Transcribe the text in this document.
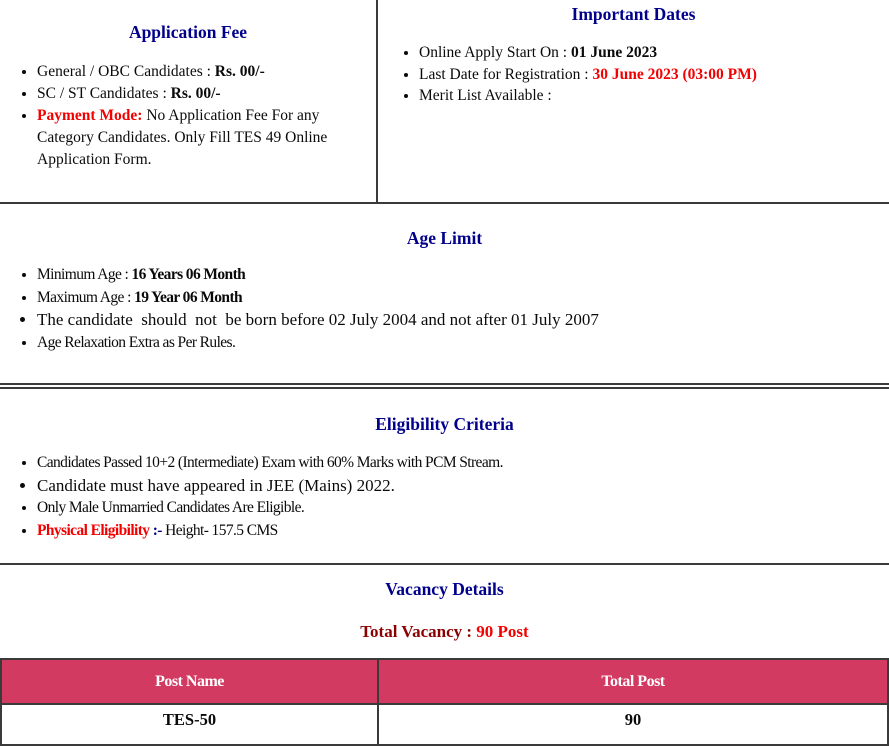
Application Fee
• General / OBC Candidates : Rs. 00/-
• SC / ST Candidates : Rs. 00/-
• Payment Mode: No Application Fee For any Category Candidates. Only Fill TES 49 Online Application Form.
Important Dates
• Online Apply Start On : 01 June 2023
• Last Date for Registration : 30 June 2023 (03:00 PM)
• Merit List Available :
Age Limit
• Minimum Age : 16 Years 06 Month
• Maximum Age : 19 Year 06 Month
• The candidate  should  not  be born before 02 July 2004 and not after 01 July 2007
• Age Relaxation Extra as Per Rules.
Eligibility Criteria
• Candidates Passed 10+2 (Intermediate) Exam with 60% Marks with PCM Stream.
• Candidate must have appeared in JEE (Mains) 2022.
• Only Male Unmarried Candidates Are Eligible.
• Physical Eligibility :- Height- 157.5 CMS
Vacancy Details
Total Vacancy : 90 Post
Post Name	Total Post
TES-50	90
